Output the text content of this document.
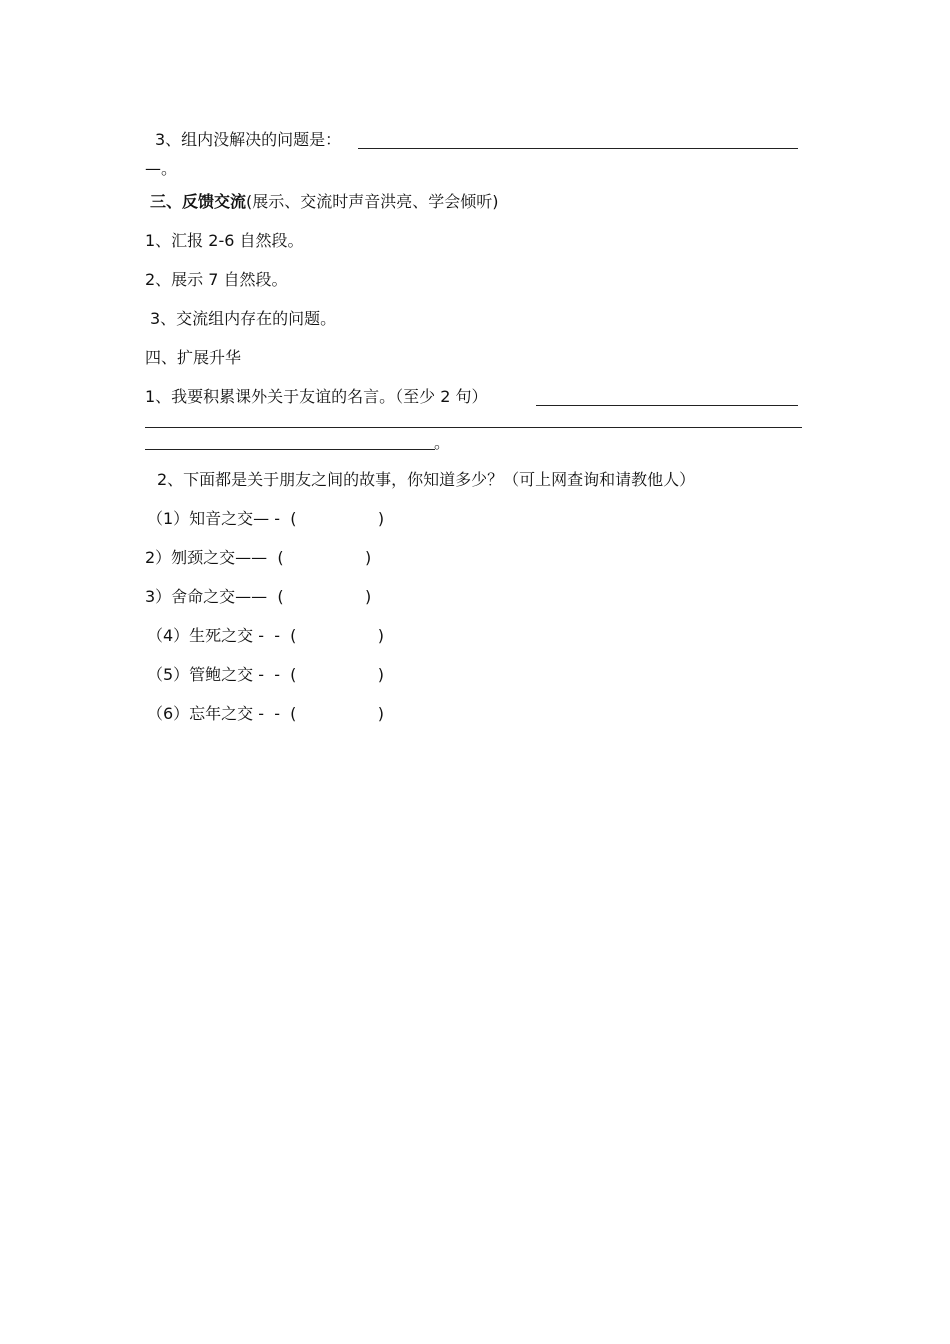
3、组内没解决的问题是：
—。
三、反馈交流(展示、交流时声音洪亮、学会倾听)
1、汇报 2-6 自然段。
2、展示 7 自然段。
3、交流组内存在的问题。
四、扩展升华
1、我要积累课外关于友谊的名言。（至少 2 句）
。
2、下面都是关于朋友之间的故事，你知道多少？（可上网查询和请教他人）
（1）知音之交— -  (                )
2）刎颈之交——  (                )
3）舍命之交——  (                )
（4）生死之交 -  -  (                )
（5）管鲍之交 -  -  (                )
（6）忘年之交 -  -  (                )
